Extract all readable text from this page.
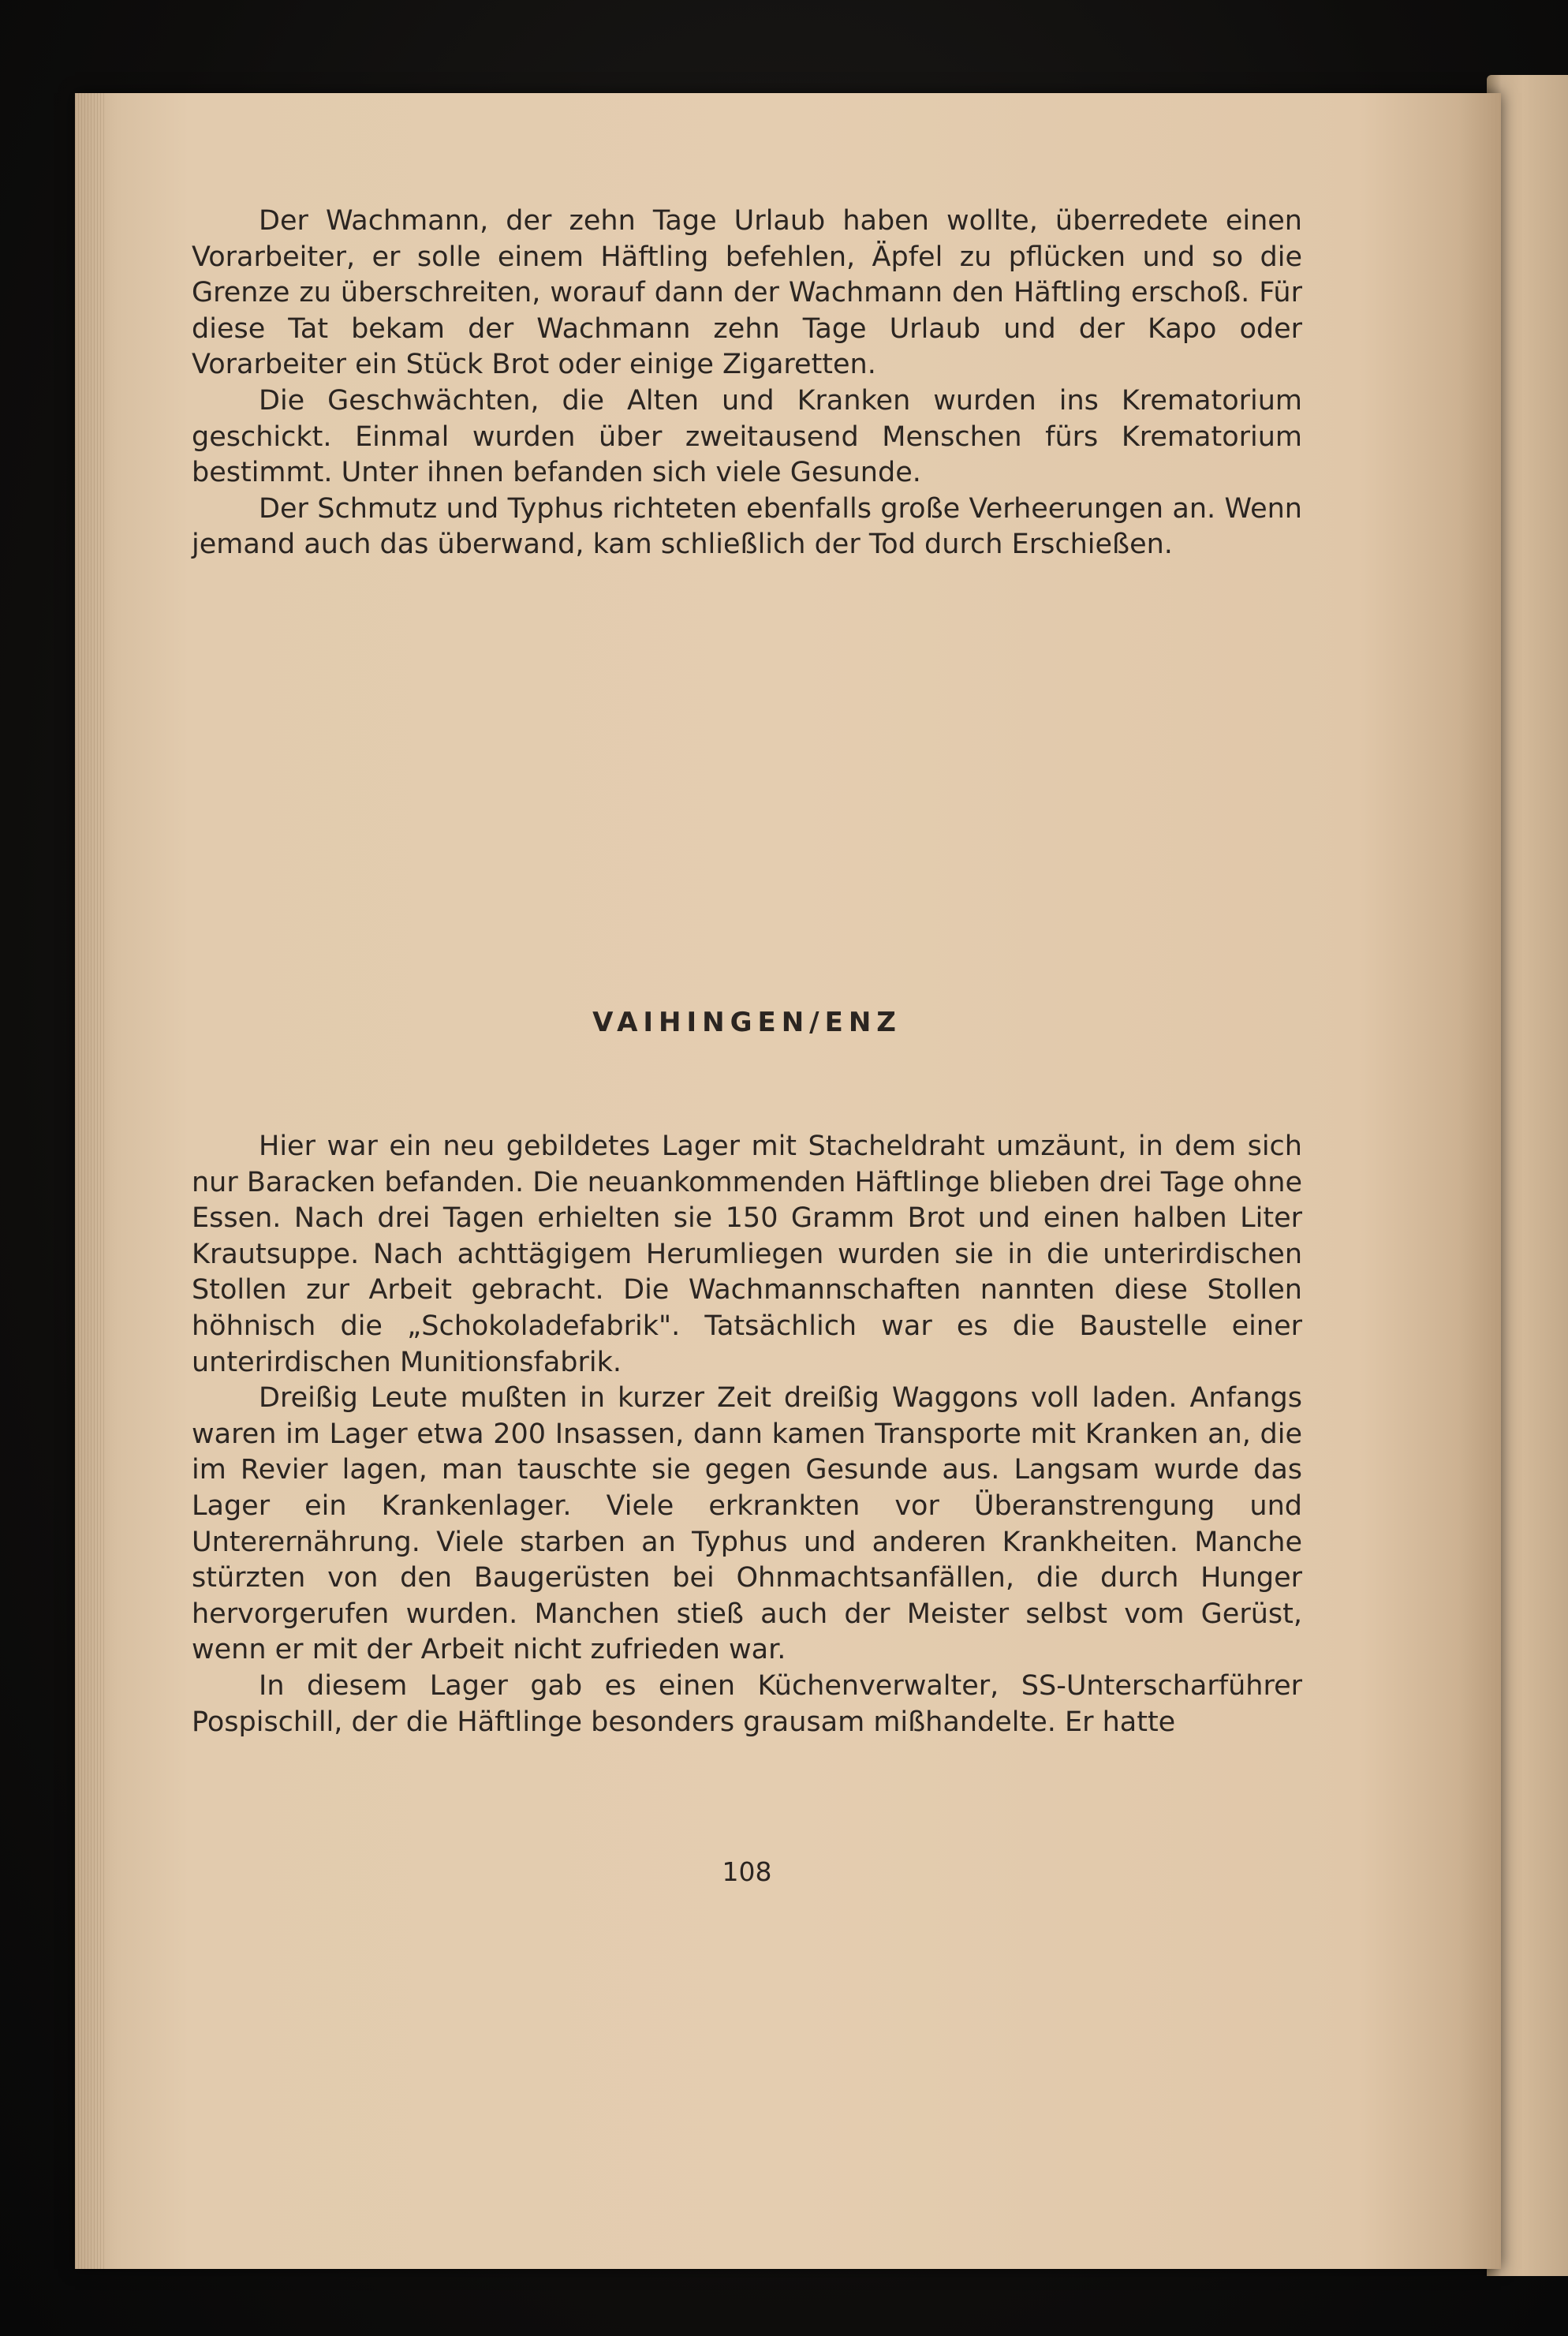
Der Wachmann, der zehn Tage Urlaub haben wollte, überredete einen Vorarbeiter, er solle einem Häftling befehlen, Äpfel zu pflücken und so die Grenze zu überschreiten, worauf dann der Wachmann den Häftling erschoß. Für diese Tat bekam der Wachmann zehn Tage Urlaub und der Kapo oder Vorarbeiter ein Stück Brot oder einige Zigaretten.

Die Geschwächten, die Alten und Kranken wurden ins Krematorium geschickt. Einmal wurden über zweitausend Menschen fürs Krematorium bestimmt. Unter ihnen befanden sich viele Gesunde.

Der Schmutz und Typhus richteten ebenfalls große Verheerungen an. Wenn jemand auch das überwand, kam schließlich der Tod durch Erschießen.

VAIHINGEN/ENZ

Hier war ein neu gebildetes Lager mit Stacheldraht umzäunt, in dem sich nur Baracken befanden. Die neuankommenden Häftlinge blieben drei Tage ohne Essen. Nach drei Tagen erhielten sie 150 Gramm Brot und einen halben Liter Krautsuppe. Nach achttägigem Herumliegen wurden sie in die unterirdischen Stollen zur Arbeit gebracht. Die Wachmannschaften nannten diese Stollen höhnisch die „Schokoladefabrik". Tatsächlich war es die Baustelle einer unterirdischen Munitionsfabrik.

Dreißig Leute mußten in kurzer Zeit dreißig Waggons voll laden. Anfangs waren im Lager etwa 200 Insassen, dann kamen Transporte mit Kranken an, die im Revier lagen, man tauschte sie gegen Gesunde aus. Langsam wurde das Lager ein Krankenlager. Viele erkrankten vor Überanstrengung und Unterernährung. Viele starben an Typhus und anderen Krankheiten. Manche stürzten von den Baugerüsten bei Ohnmachtsanfällen, die durch Hunger hervorgerufen wurden. Manchen stieß auch der Meister selbst vom Gerüst, wenn er mit der Arbeit nicht zufrieden war.

In diesem Lager gab es einen Küchenverwalter, SS-Unterscharführer Pospischill, der die Häftlinge besonders grausam mißhandelte. Er hatte

108
